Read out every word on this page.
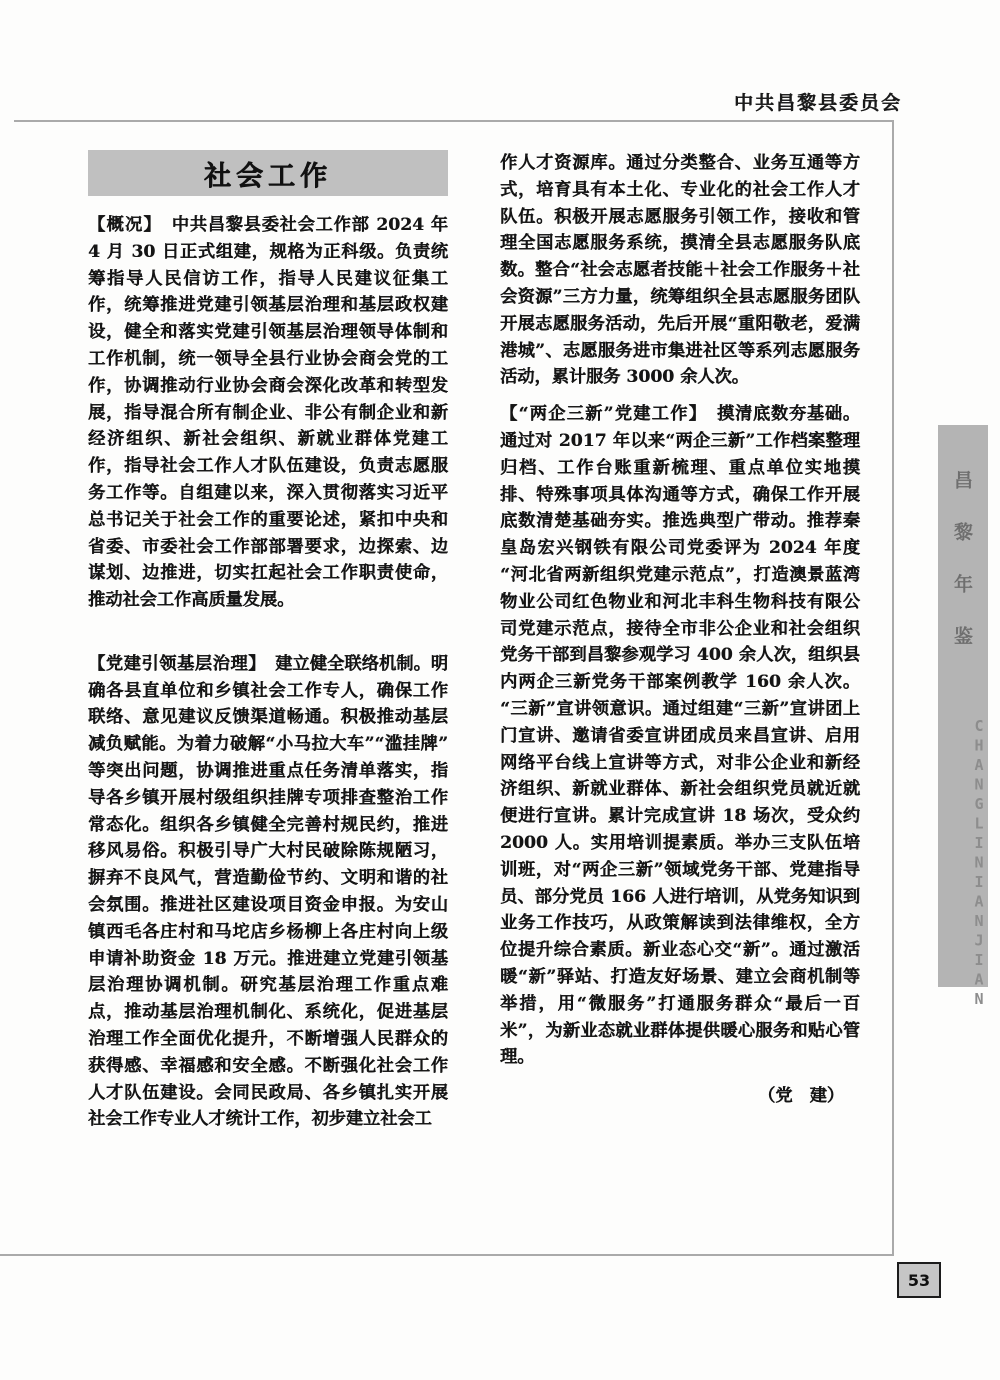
中共昌黎县委员会
昌黎年鉴
CHANGLINIANJIAN
社会工作

【概况】 中共昌黎县委社会工作部 2024 年 4 月 30 日正式组建，规格为正科级。负责统筹指导人民信访工作，指导人民建议征集工作，统筹推进党建引领基层治理和基层政权建设，健全和落实党建引领基层治理领导体制和工作机制，统一领导全县行业协会商会党的工作，协调推动行业协会商会深化改革和转型发展，指导混合所有制企业、非公有制企业和新经济组织、新社会组织、新就业群体党建工作，指导社会工作人才队伍建设，负责志愿服务工作等。自组建以来，深入贯彻落实习近平总书记关于社会工作的重要论述，紧扣中央和省委、市委社会工作部部署要求，边探索、边谋划、边推进，切实扛起社会工作职责使命，推动社会工作高质量发展。

【党建引领基层治理】 建立健全联络机制。明确各县直单位和乡镇社会工作专人，确保工作联络、意见建议反馈渠道畅通。积极推动基层减负赋能。为着力破解“小马拉大车”“滥挂牌”等突出问题，协调推进重点任务清单落实，指导各乡镇开展村级组织挂牌专项排查整治工作常态化。组织各乡镇健全完善村规民约，推进移风易俗。积极引导广大村民破除陈规陋习，摒弃不良风气，营造勤俭节约、文明和谐的社会氛围。推进社区建设项目资金申报。为安山镇西毛各庄村和马坨店乡杨柳上各庄村向上级申请补助资金 18 万元。推进建立党建引领基层治理协调机制。研究基层治理工作重点难点，推动基层治理机制化、系统化，促进基层治理工作全面优化提升，不断增强人民群众的获得感、幸福感和安全感。不断强化社会工作人才队伍建设。会同民政局、各乡镇扎实开展社会工作专业人才统计工作，初步建立社会工

作人才资源库。通过分类整合、业务互通等方式，培育具有本土化、专业化的社会工作人才队伍。积极开展志愿服务引领工作，接收和管理全国志愿服务系统，摸清全县志愿服务队底数。整合“社会志愿者技能＋社会工作服务＋社会资源”三方力量，统筹组织全县志愿服务团队开展志愿服务活动，先后开展“重阳敬老，爱满港城”、志愿服务进市集进社区等系列志愿服务活动，累计服务 3000 余人次。

【“两企三新”党建工作】 摸清底数夯基础。通过对 2017 年以来“两企三新”工作档案整理归档、工作台账重新梳理、重点单位实地摸排、特殊事项具体沟通等方式，确保工作开展底数清楚基础夯实。推选典型广带动。推荐秦皇岛宏兴钢铁有限公司党委评为 2024 年度“河北省两新组织党建示范点”，打造澳景蓝湾物业公司红色物业和河北丰科生物科技有限公司党建示范点，接待全市非公企业和社会组织党务干部到昌黎参观学习 400 余人次，组织县内两企三新党务干部案例教学 160 余人次。“三新”宣讲领意识。通过组建“三新”宣讲团上门宣讲、邀请省委宣讲团成员来昌宣讲、启用网络平台线上宣讲等方式，对非公企业和新经济组织、新就业群体、新社会组织党员就近就便进行宣讲。累计完成宣讲 18 场次，受众约 2000 人。实用培训提素质。举办三支队伍培训班，对“两企三新”领域党务干部、党建指导员、部分党员 166 人进行培训，从党务知识到业务工作技巧，从政策解读到法律维权，全方位提升综合素质。新业态心交“新”。通过激活暖“新”驿站、打造友好场景、建立会商机制等举措，用“微服务”打通服务群众“最后一百米”，为新业态就业群体提供暖心服务和贴心管理。

（党　建）
53
